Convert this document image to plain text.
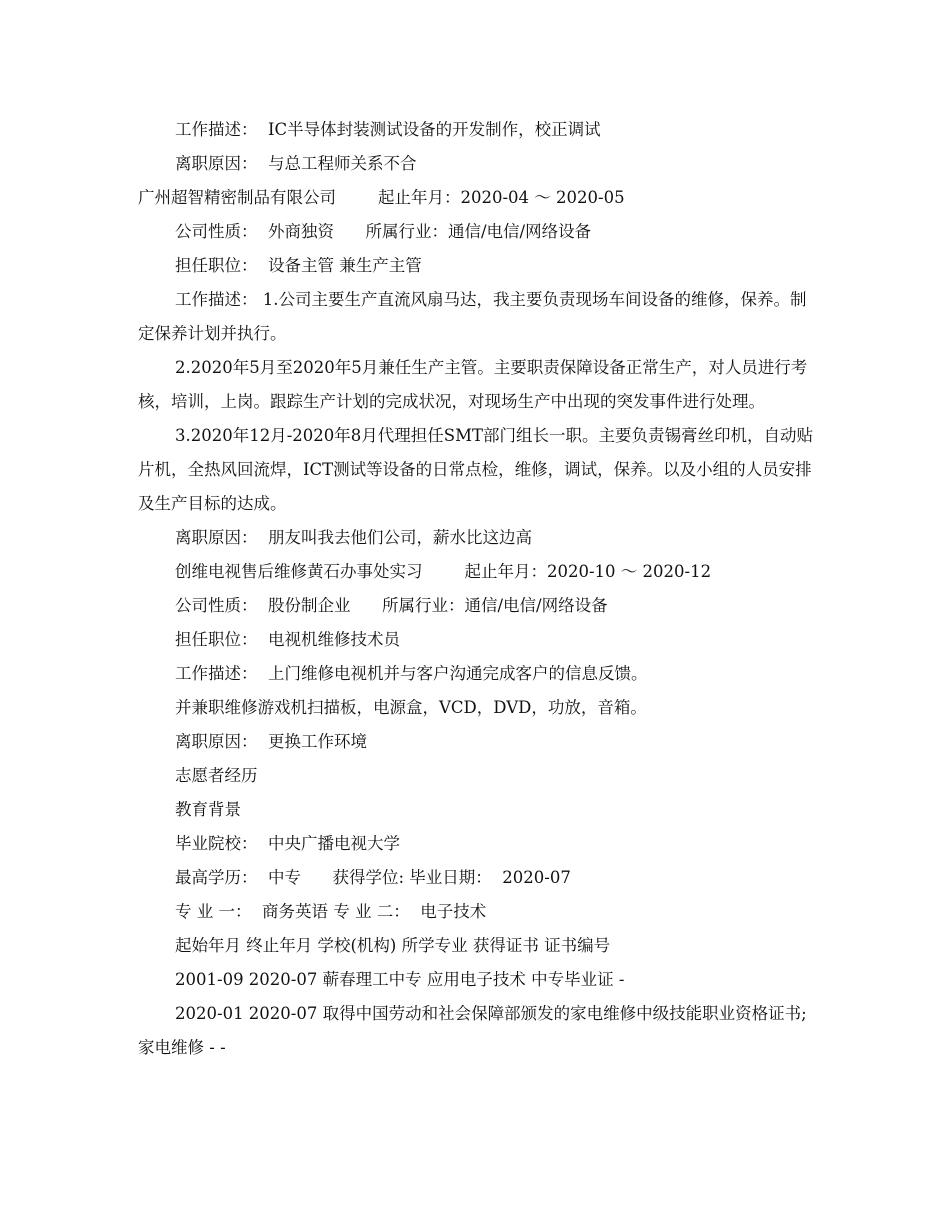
工作描述：  IC半导体封装测试设备的开发制作，校正调试

离职原因：  与总工程师关系不合

广州超智精密制品有限公司        起止年月：2020-04 ～ 2020-05

公司性质：  外商独资      所属行业：通信/电信/网络设备

担任职位：  设备主管 兼生产主管

工作描述： 1.公司主要生产直流风扇马达，我主要负责现场车间设备的维修，保养。制定保养计划并执行。

2.2020年5月至2020年5月兼任生产主管。主要职责保障设备正常生产，对人员进行考核，培训，上岗。跟踪生产计划的完成状况，对现场生产中出现的突发事件进行处理。

3.2020年12月-2020年8月代理担任SMT部门组长一职。主要负责锡膏丝印机，自动贴片机，全热风回流焊，ICT测试等设备的日常点检，维修，调试，保养。以及小组的人员安排及生产目标的达成。

离职原因：  朋友叫我去他们公司，薪水比这边高

创维电视售后维修黄石办事处实习        起止年月：2020-10 ～ 2020-12

公司性质：  股份制企业      所属行业：通信/电信/网络设备

担任职位：  电视机维修技术员

工作描述：  上门维修电视机并与客户沟通完成客户的信息反馈。

并兼职维修游戏机扫描板，电源盒，VCD，DVD，功放，音箱。

离职原因：  更换工作环境

志愿者经历

教育背景

毕业院校：  中央广播电视大学

最高学历：  中专      获得学位: 毕业日期：  2020-07

专 业 一：  商务英语 专 业 二：  电子技术

起始年月 终止年月 学校(机构) 所学专业 获得证书 证书编号

2001-09 2020-07 蕲春理工中专 应用电子技术 中专毕业证 -

2020-01 2020-07 取得中国劳动和社会保障部颁发的家电维修中级技能职业资格证书; 家电维修 - -
